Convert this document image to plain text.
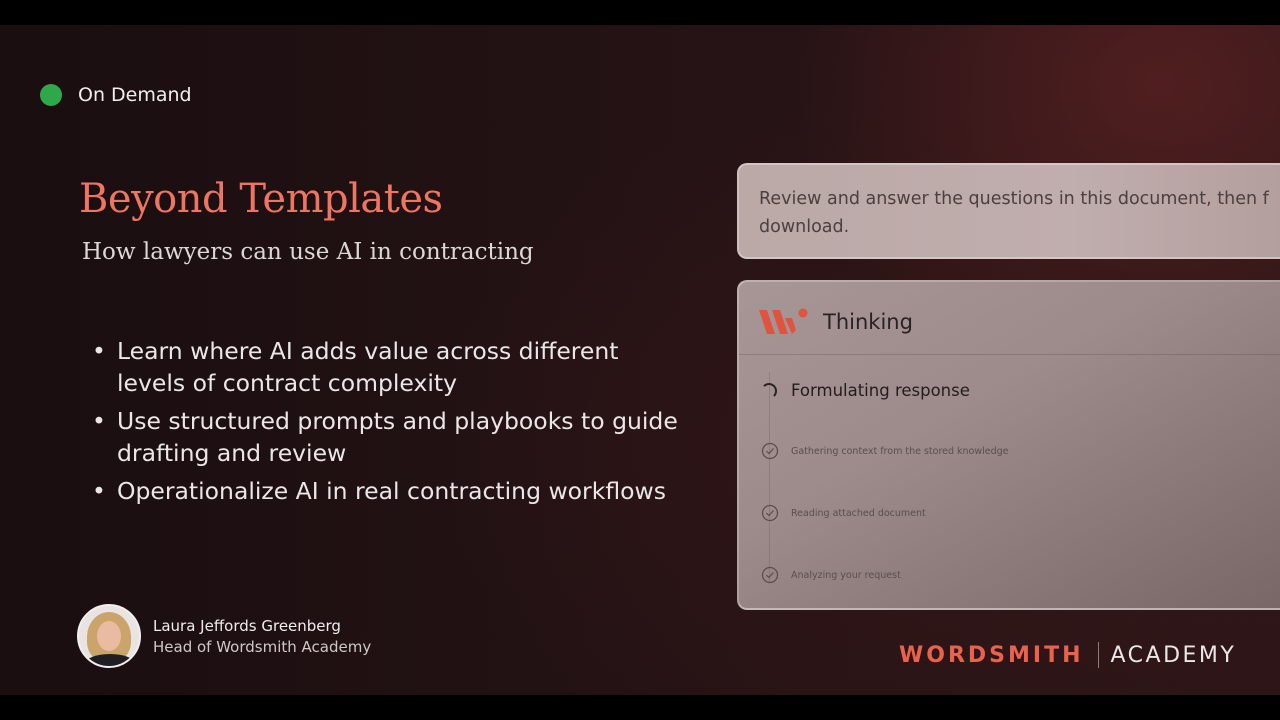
On Demand
Beyond Templates
How lawyers can use AI in contracting
• Learn where AI adds value across different levels of contract complexity
• Use structured prompts and playbooks to guide drafting and review
• Operationalize AI in real contracting workflows
Laura Jeffords Greenberg
Head of Wordsmith Academy
Review and answer the questions in this document, then f download.
Thinking
Formulating response
Gathering context from the stored knowledge
Reading attached document
Analyzing your request
WORDSMITH ACADEMY
